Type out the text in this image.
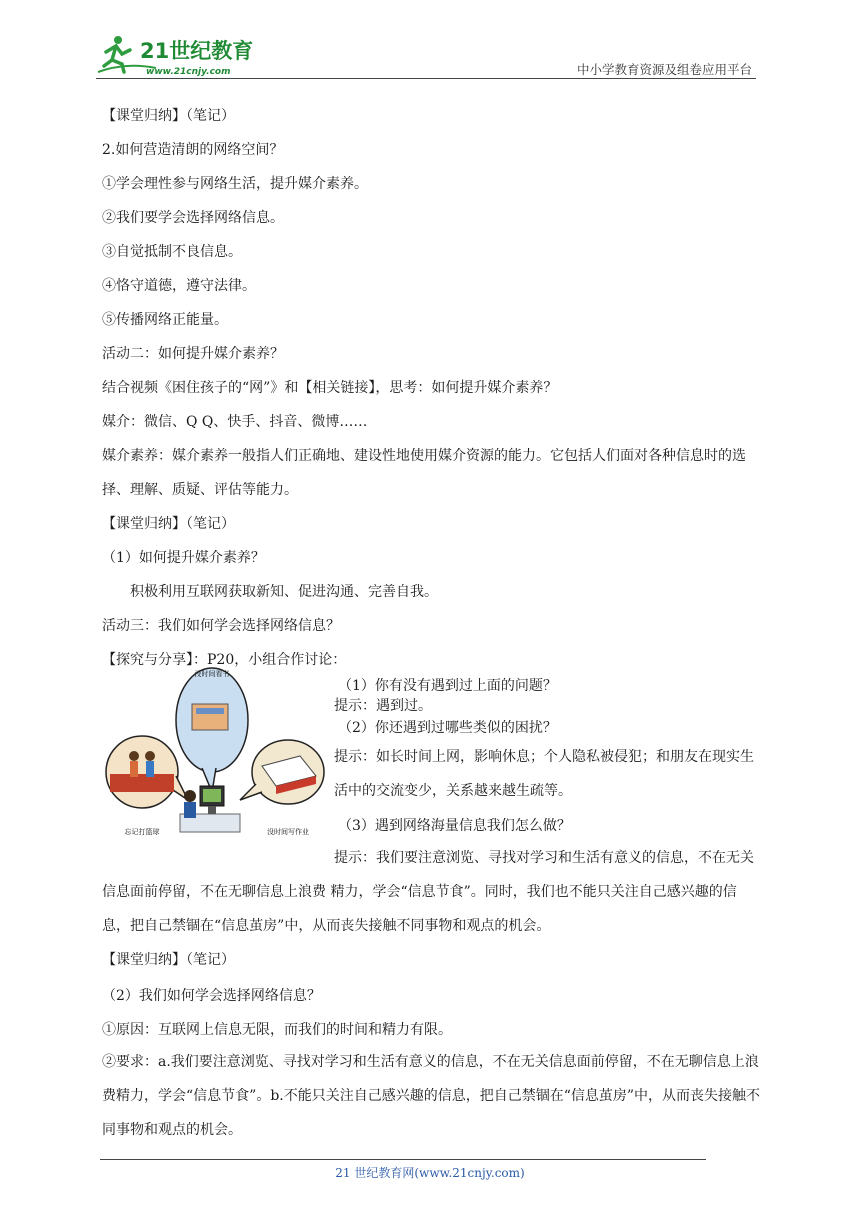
21世纪教育
www.21cnjy.com	中小学教育资源及组卷应用平台
【课堂归纳】（笔记）
2.如何营造清朗的网络空间？
①学会理性参与网络生活，提升媒介素养。
②我们要学会选择网络信息。
③自觉抵制不良信息。
④恪守道德，遵守法律。
⑤传播网络正能量。
活动二：如何提升媒介素养？
结合视频《困住孩子的“网”》和【相关链接】，思考：如何提升媒介素养？
媒介：微信、Q Q、快手、抖音、微博……
媒介素养：媒介素养一般指人们正确地、建设性地使用媒介资源的能力。它包括人们面对各种信息时的选择、理解、质疑、评估等能力。
【课堂归纳】（笔记）
（1）如何提升媒介素养？
积极利用互联网获取新知、促进沟通、完善自我。
活动三：我们如何学会选择网络信息？
【探究与分享】：P20，小组合作讨论：
没时间看书
忘记打篮球	没时间写作业
（1）你有没有遇到过上面的问题？
提示：遇到过。
（2）你还遇到过哪些类似的困扰？
提示：如长时间上网，影响休息；个人隐私被侵犯；和朋友在现实生活中的交流变少，关系越来越生疏等。
（3）遇到网络海量信息我们怎么做？
提示：我们要注意浏览、寻找对学习和生活有意义的信息，不在无关信息面前停留，不在无聊信息上浪费 精力，学会“信息节食”。同时，我们也不能只关注自己感兴趣的信息，把自己禁锢在“信息茧房”中，从而丧失接触不同事物和观点的机会。
【课堂归纳】（笔记）
（2）我们如何学会选择网络信息？
①原因：互联网上信息无限，而我们的时间和精力有限。
②要求：a.我们要注意浏览、寻找对学习和生活有意义的信息，不在无关信息面前停留，不在无聊信息上浪费精力，学会“信息节食”。b.不能只关注自己感兴趣的信息，把自己禁锢在“信息茧房”中，从而丧失接触不同事物和观点的机会。
21 世纪教育网(www.21cnjy.com)
